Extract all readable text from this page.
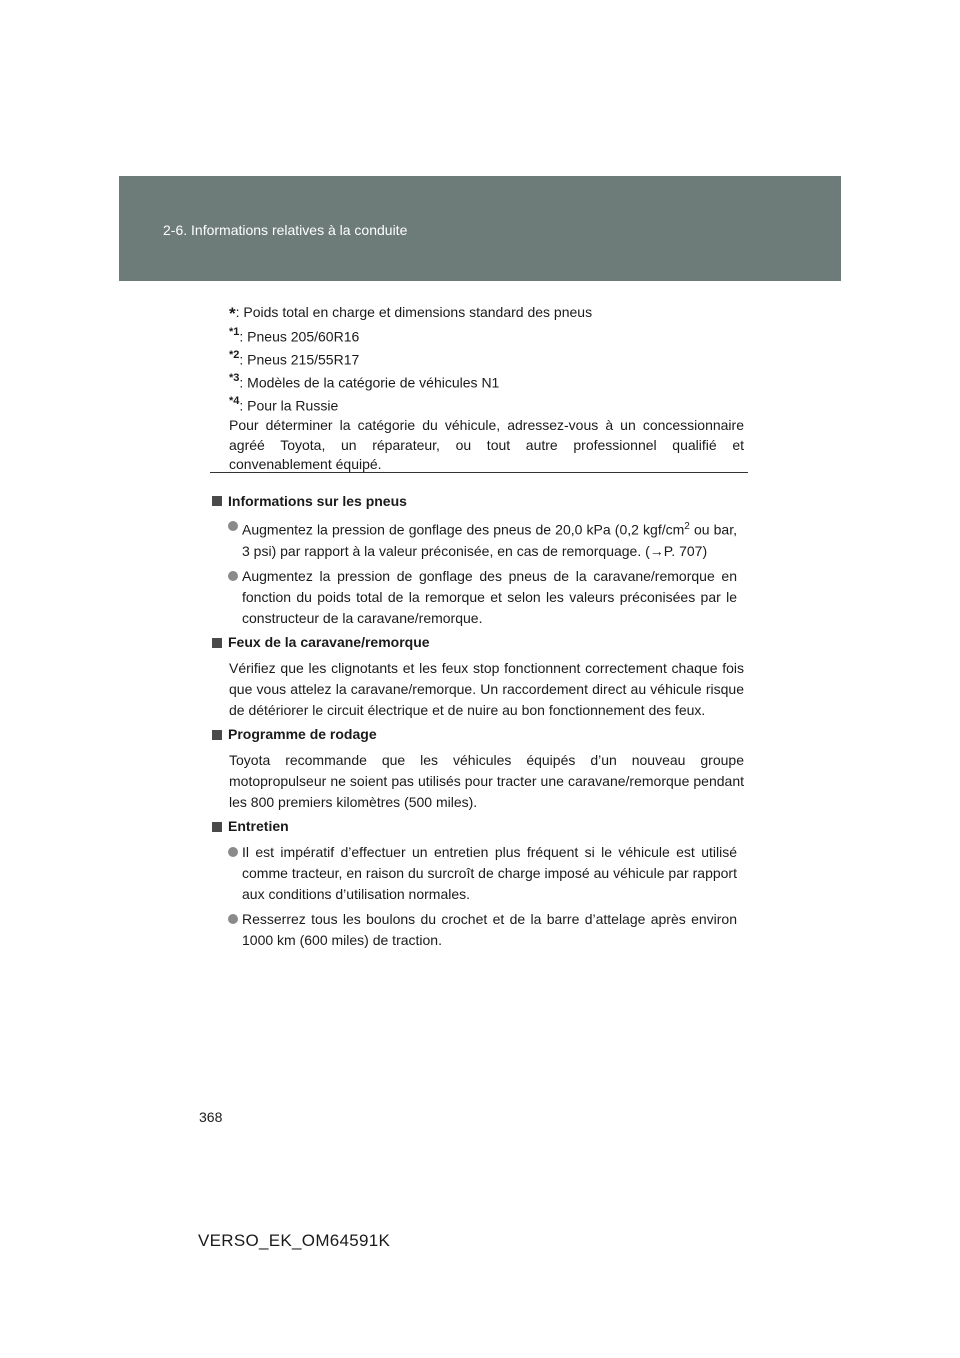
2-6. Informations relatives à la conduite
*: Poids total en charge et dimensions standard des pneus
$^{*1}$: Pneus 205/60R16
$^{*2}$: Pneus 215/55R17
$^{*3}$: Modèles de la catégorie de véhicules N1
$^{*4}$: Pour la Russie
Pour déterminer la catégorie du véhicule, adressez-vous à un concessionnaire agréé Toyota, un réparateur, ou tout autre professionnel qualifié et convenablement équipé.
Informations sur les pneus
Augmentez la pression de gonflage des pneus de 20,0 kPa (0,2 kgf/$cm^2$ ou bar, 3 psi) par rapport à la valeur préconisée, en cas de remorquage. (→P. 707)
Augmentez la pression de gonflage des pneus de la caravane/remorque en fonction du poids total de la remorque et selon les valeurs préconisées par le constructeur de la caravane/remorque.
Feux de la caravane/remorque
Vérifiez que les clignotants et les feux stop fonctionnent correctement chaque fois que vous attelez la caravane/remorque. Un raccordement direct au véhicule risque de détériorer le circuit électrique et de nuire au bon fonctionnement des feux.
Programme de rodage
Toyota recommande que les véhicules équipés d’un nouveau groupe motopropulseur ne soient pas utilisés pour tracter une caravane/remorque pendant les 800 premiers kilomètres (500 miles).
Entretien
Il est impératif d’effectuer un entretien plus fréquent si le véhicule est utilisé comme tracteur, en raison du surcroît de charge imposé au véhicule par rapport aux conditions d’utilisation normales.
Resserrez tous les boulons du crochet et de la barre d’attelage après environ 1000 km (600 miles) de traction.
368
VERSO_EK_OM64591K
